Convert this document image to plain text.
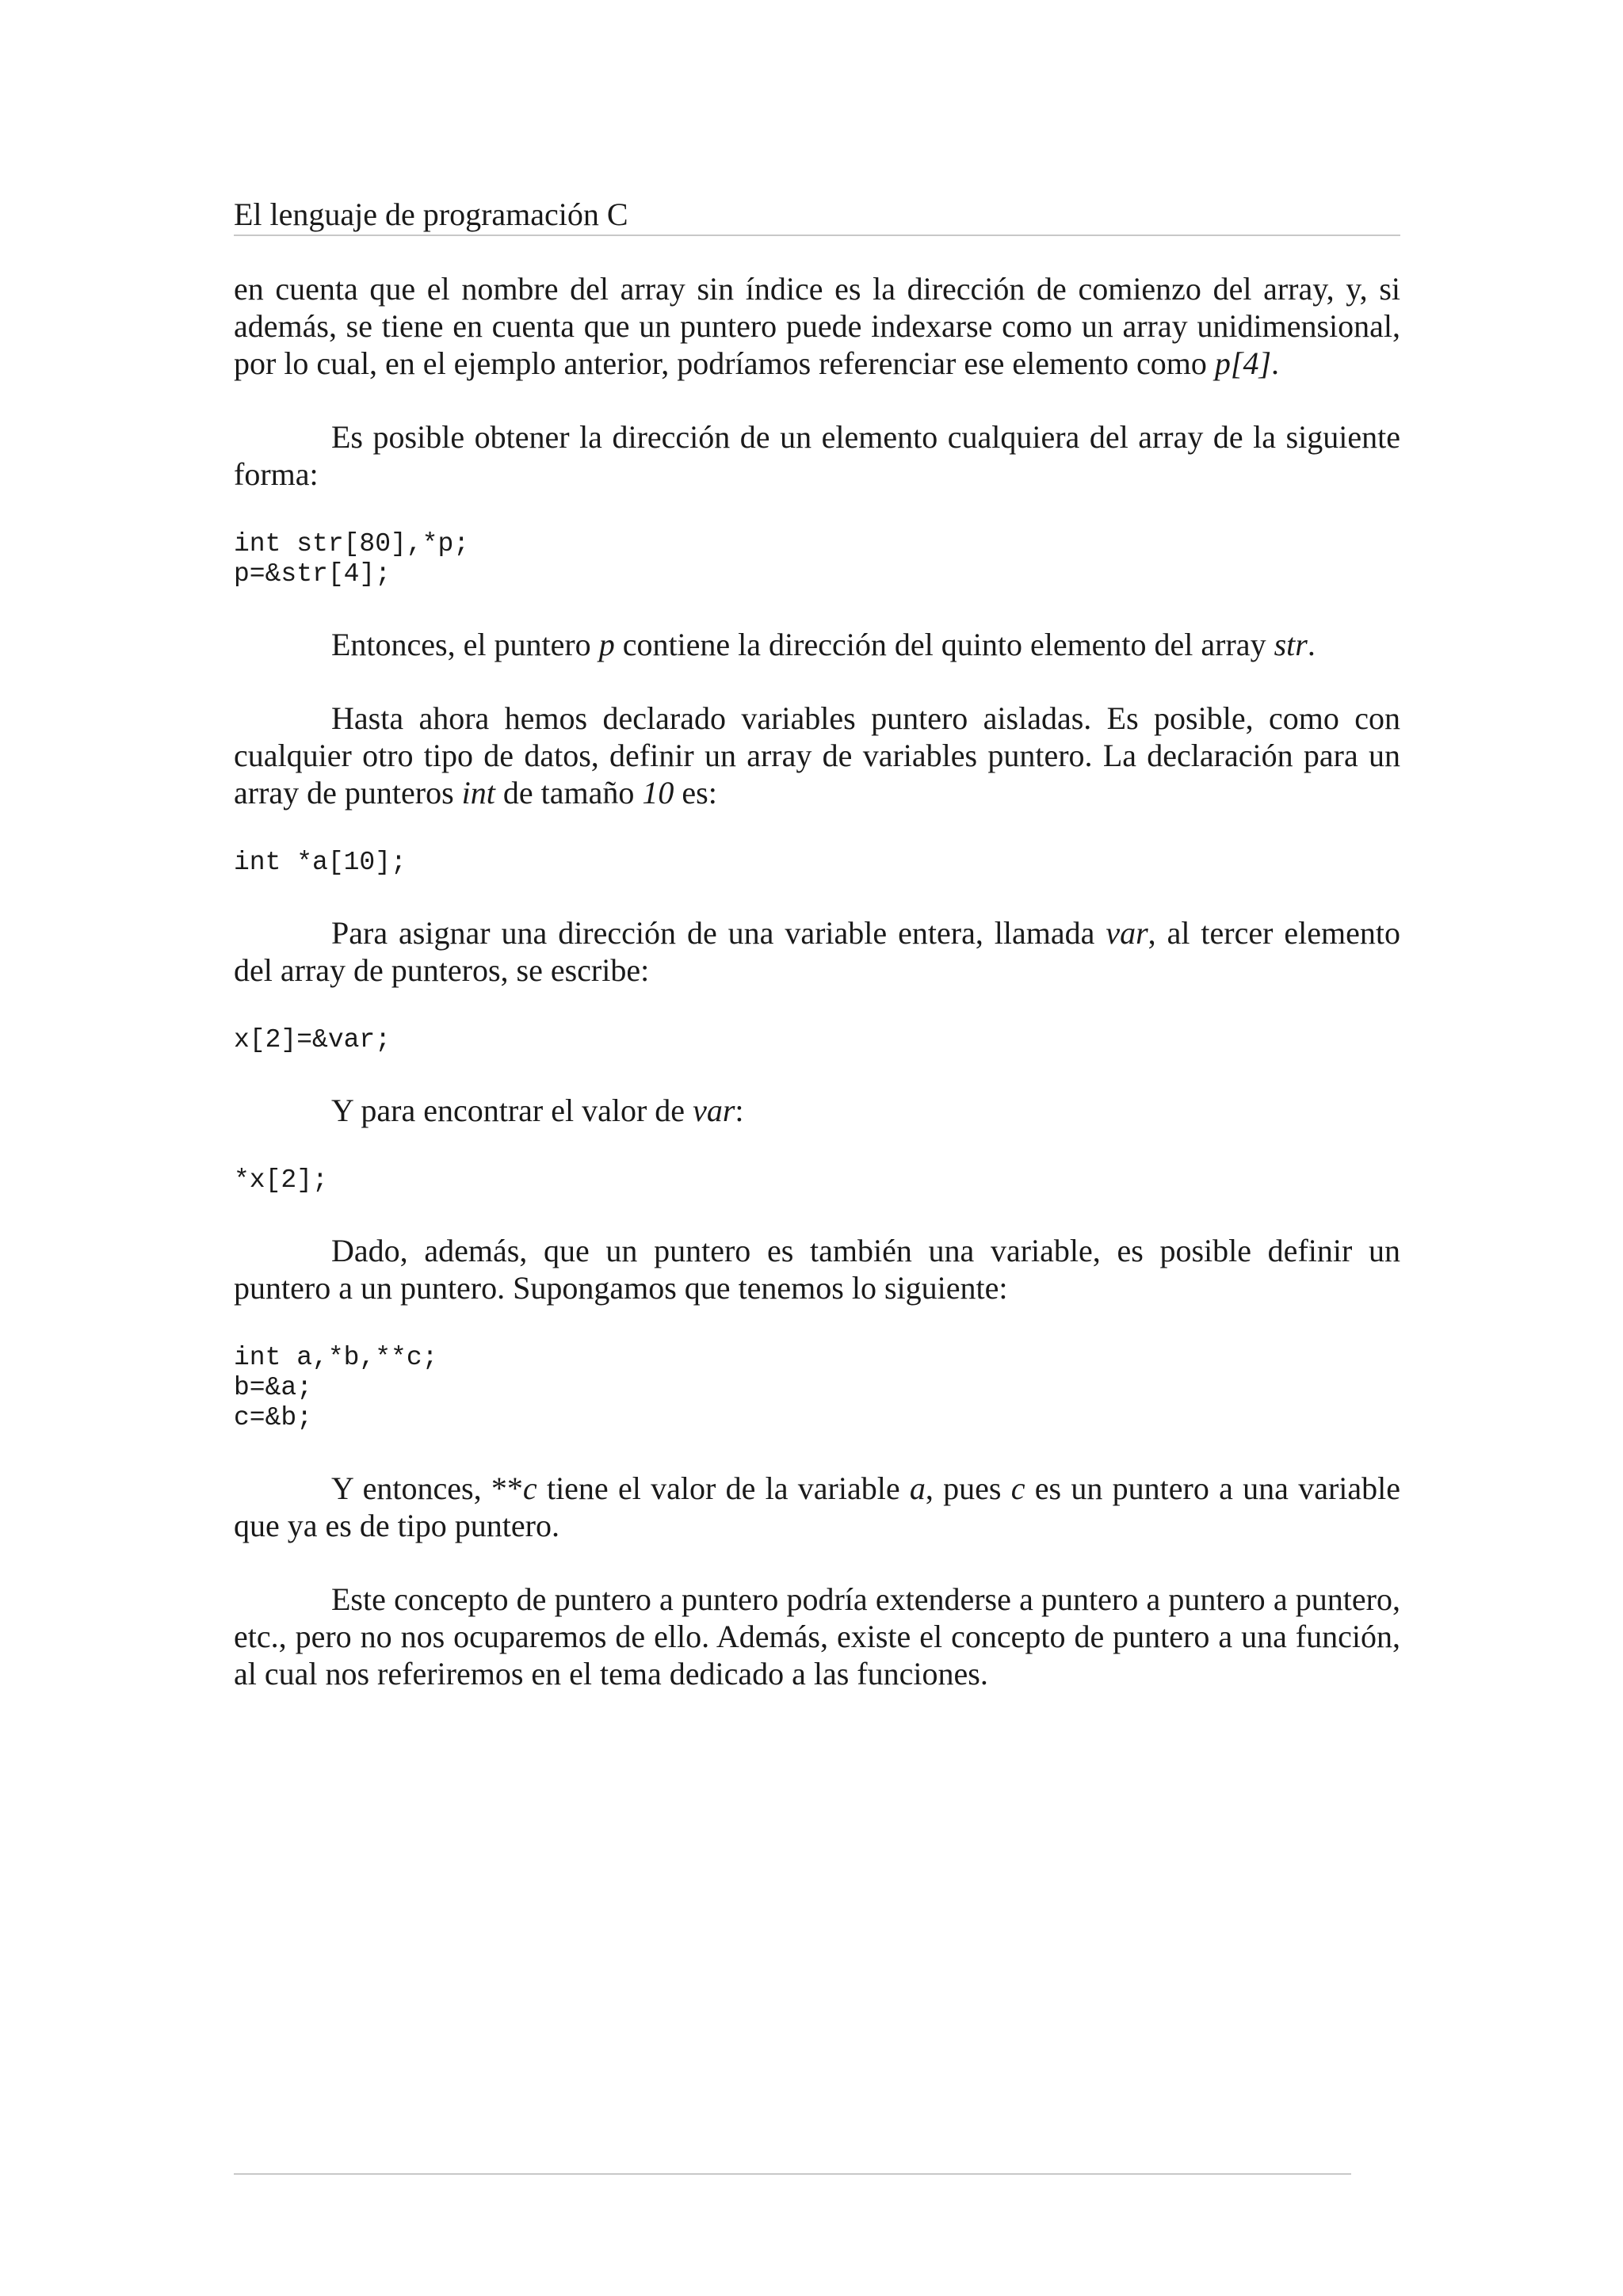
El lenguaje de programación C

en cuenta que el nombre del array sin índice es la dirección de comienzo del array, y, si además, se tiene en cuenta que un puntero puede indexarse como un array unidimensional, por lo cual, en el ejemplo anterior, podríamos referenciar ese elemento como p[4].

Es posible obtener la dirección de un elemento cualquiera del array de la siguiente forma:

int str[80],*p;
p=&str[4];

Entonces, el puntero p contiene la dirección del quinto elemento del array str.

Hasta ahora hemos declarado variables puntero aisladas. Es posible, como con cualquier otro tipo de datos, definir un array de variables puntero. La declaración para un array de punteros int de tamaño 10 es:

int *a[10];

Para asignar una dirección de una variable entera, llamada var, al tercer elemento del array de punteros, se escribe:

x[2]=&var;

Y para encontrar el valor de var:

*x[2];

Dado, además, que un puntero es también una variable, es posible definir un puntero a un puntero. Supongamos que tenemos lo siguiente:

int a,*b,**c;
b=&a;
c=&b;

Y entonces, **c tiene el valor de la variable a, pues c es un puntero a una variable que ya es de tipo puntero.

Este concepto de puntero a puntero podría extenderse a puntero a puntero a puntero, etc., pero no nos ocuparemos de ello. Además, existe el concepto de puntero a una función, al cual nos referiremos en el tema dedicado a las funciones.
